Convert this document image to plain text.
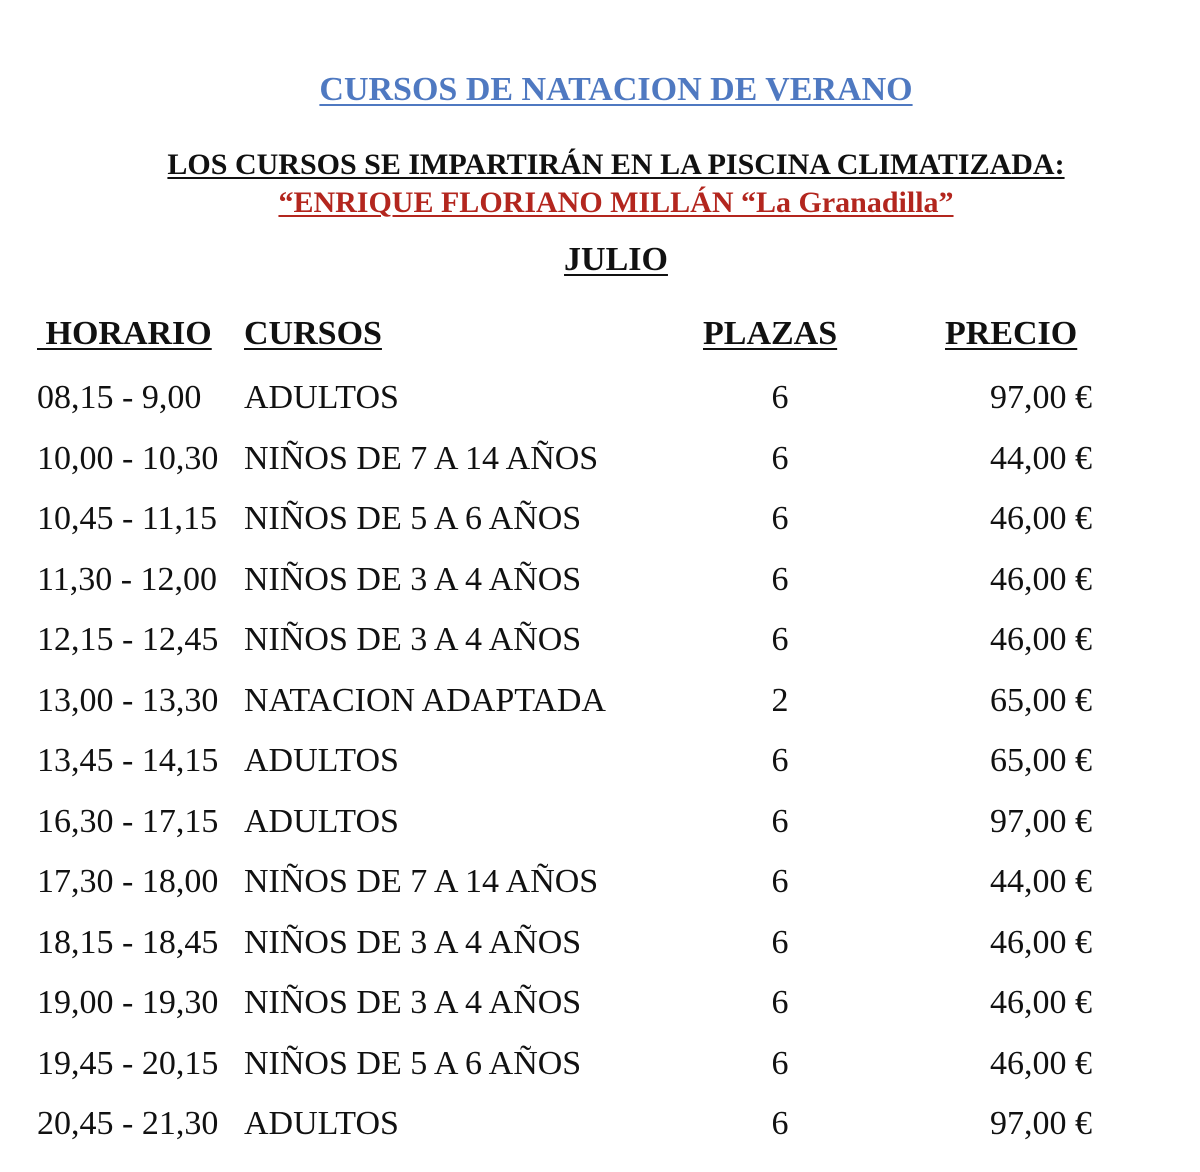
CURSOS DE NATACION DE VERANO
LOS CURSOS SE IMPARTIRÁN EN LA PISCINA CLIMATIZADA:
“ENRIQUE FLORIANO MILLÁN “La Granadilla”
JULIO
HORARIO CURSOS	PLAZAS	PRECIO
08,15 - 9,00 ADULTOS	6	97,00 €
10,00 - 10,30 NIÑOS DE 7 A 14 AÑOS	6	44,00 €
10,45 - 11,15 NIÑOS DE 5 A 6 AÑOS	6	46,00 €
11,30 - 12,00 NIÑOS DE 3 A 4 AÑOS	6	46,00 €
12,15 - 12,45 NIÑOS DE 3 A 4 AÑOS	6	46,00 €
13,00 - 13,30 NATACION ADAPTADA	2	65,00 €
13,45 - 14,15 ADULTOS	6	65,00 €
16,30 - 17,15 ADULTOS	6	97,00 €
17,30 - 18,00 NIÑOS DE 7 A 14 AÑOS	6	44,00 €
18,15 - 18,45 NIÑOS DE 3 A 4 AÑOS	6	46,00 €
19,00 - 19,30 NIÑOS DE 3 A 4 AÑOS	6	46,00 €
19,45 - 20,15 NIÑOS DE 5 A 6 AÑOS	6	46,00 €
20,45 - 21,30 ADULTOS	6	97,00 €
